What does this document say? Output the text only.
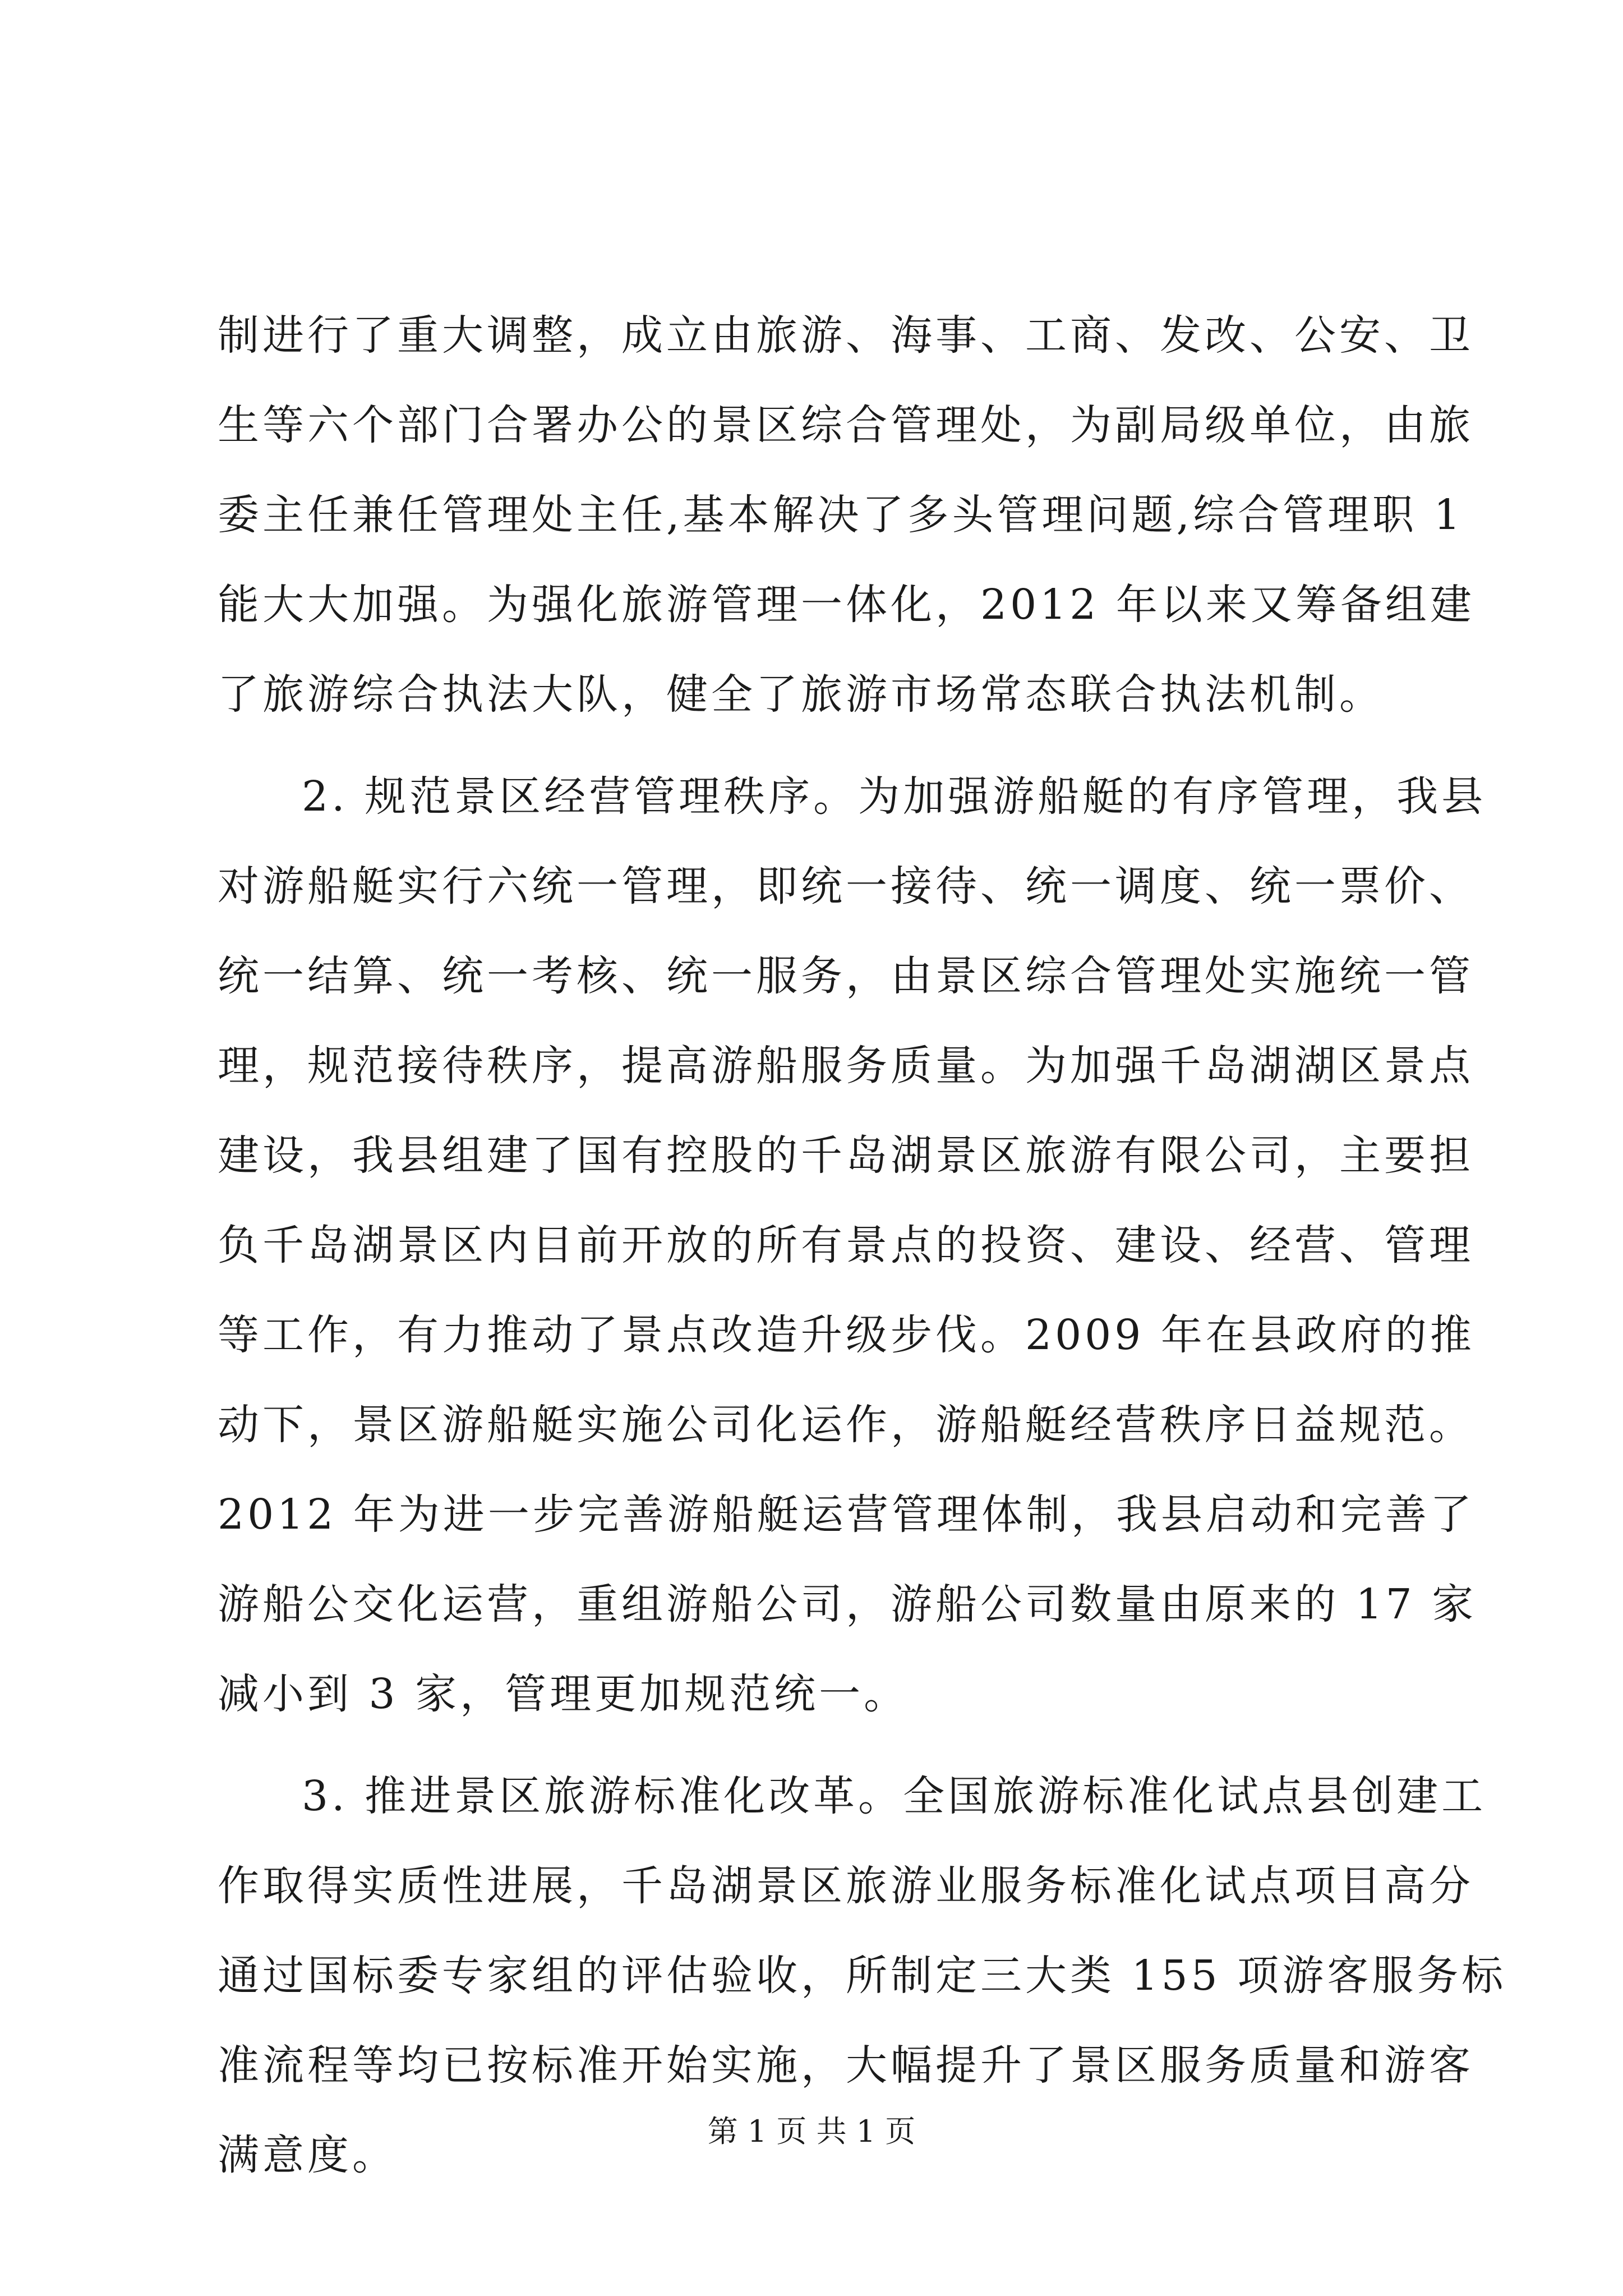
制进行了重大调整，成立由旅游、海事、工商、发改、公安、卫
生等六个部门合署办公的景区综合管理处，为副局级单位，由旅
委主任兼任管理处主任,基本解决了多头管理问题,综合管理职 1
能大大加强。为强化旅游管理一体化，2012 年以来又筹备组建
了旅游综合执法大队，健全了旅游市场常态联合执法机制。
2. 规范景区经营管理秩序。为加强游船艇的有序管理，我县
对游船艇实行六统一管理，即统一接待、统一调度、统一票价、
统一结算、统一考核、统一服务，由景区综合管理处实施统一管
理，规范接待秩序，提高游船服务质量。为加强千岛湖湖区景点
建设，我县组建了国有控股的千岛湖景区旅游有限公司，主要担
负千岛湖景区内目前开放的所有景点的投资、建设、经营、管理
等工作，有力推动了景点改造升级步伐。2009 年在县政府的推
动下，景区游船艇实施公司化运作，游船艇经营秩序日益规范。
2012 年为进一步完善游船艇运营管理体制，我县启动和完善了
游船公交化运营，重组游船公司，游船公司数量由原来的 17 家
减小到 3 家，管理更加规范统一。
3. 推进景区旅游标准化改革。全国旅游标准化试点县创建工
作取得实质性进展，千岛湖景区旅游业服务标准化试点项目高分
通过国标委专家组的评估验收，所制定三大类 155 项游客服务标
准流程等均已按标准开始实施，大幅提升了景区服务质量和游客
满意度。	第 1 页 共 1 页
